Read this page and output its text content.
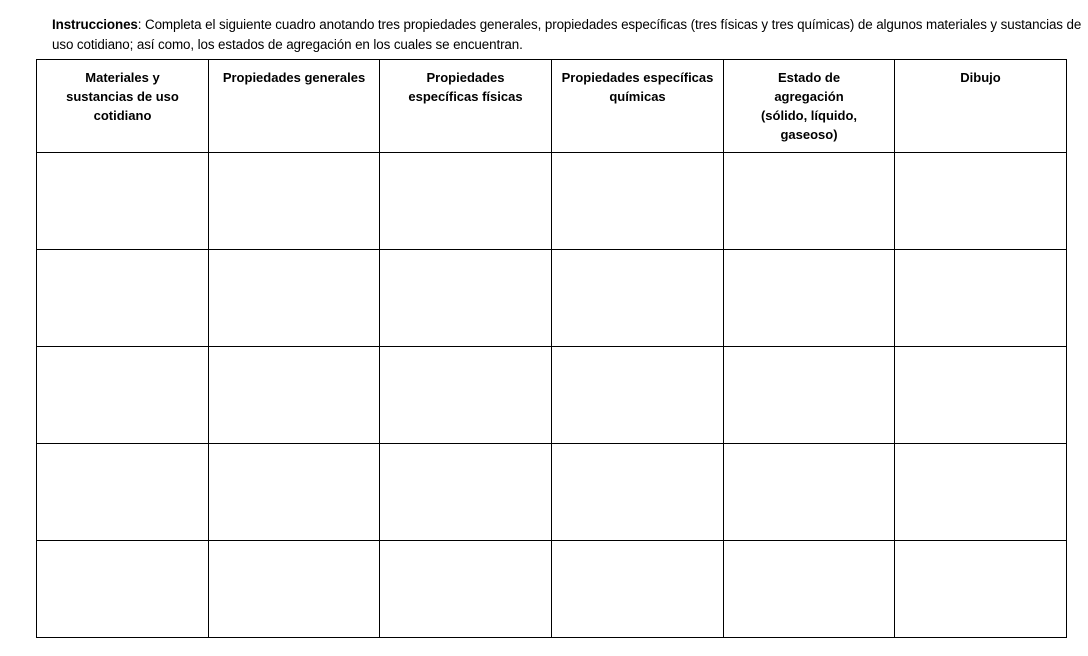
Instrucciones: Completa el siguiente cuadro anotando tres propiedades generales, propiedades específicas (tres físicas y tres químicas) de algunos materiales y sustancias de uso cotidiano; así como, los estados de agregación en los cuales se encuentran.
Materiales y sustancias de uso cotidiano	Propiedades generales	Propiedades específicas físicas	Propiedades específicas químicas	Estado de agregación (sólido, líquido, gaseoso)	Dibujo
